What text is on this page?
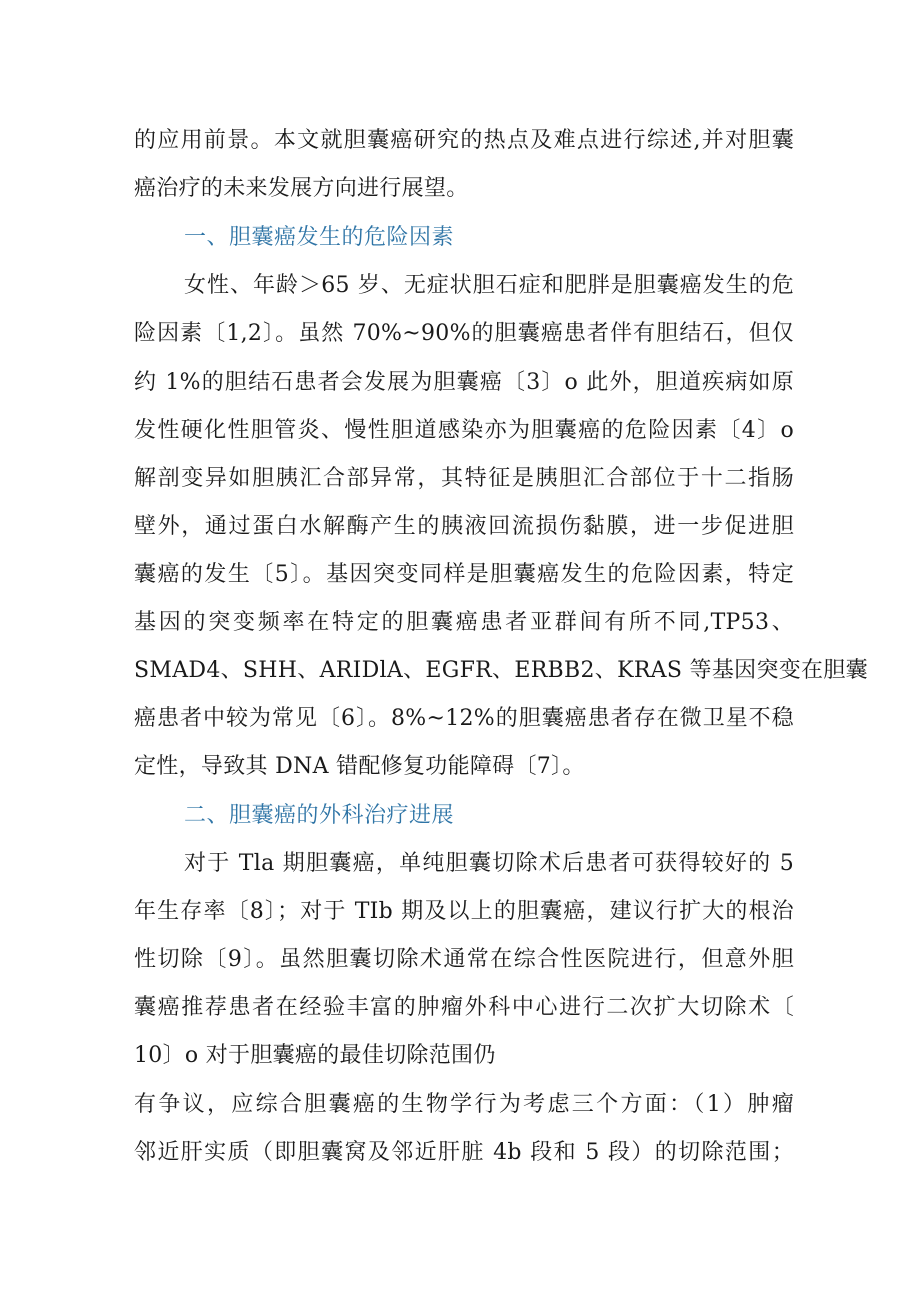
的应用前景。本文就胆囊癌研究的热点及难点进行综述,并对胆囊
癌治疗的未来发展方向进行展望。
一、胆囊癌发生的危险因素
女性、年龄＞65 岁、无症状胆石症和肥胖是胆囊癌发生的危
险因素〔1,2〕。虽然 70%~90%的胆囊癌患者伴有胆结石，但仅
约 1%的胆结石患者会发展为胆囊癌〔3〕o 此外，胆道疾病如原
发性硬化性胆管炎、慢性胆道感染亦为胆囊癌的危险因素〔4〕o
解剖变异如胆胰汇合部异常，其特征是胰胆汇合部位于十二指肠
壁外，通过蛋白水解酶产生的胰液回流损伤黏膜，进一步促进胆
囊癌的发生〔5〕。基因突变同样是胆囊癌发生的危险因素，特定
基因的突变频率在特定的胆囊癌患者亚群间有所不同,TP53、
SMAD4、SHH、ARIDlA、EGFR、ERBB2、KRAS 等基因突变在胆囊
癌患者中较为常见〔6〕。8%~12%的胆囊癌患者存在微卫星不稳
定性，导致其 DNA 错配修复功能障碍〔7〕。
二、胆囊癌的外科治疗进展
对于 Tla 期胆囊癌，单纯胆囊切除术后患者可获得较好的 5
年生存率〔8〕；对于 TIb 期及以上的胆囊癌，建议行扩大的根治
性切除〔9〕。虽然胆囊切除术通常在综合性医院进行，但意外胆
囊癌推荐患者在经验丰富的肿瘤外科中心进行二次扩大切除术〔
10〕o 对于胆囊癌的最佳切除范围仍
有争议，应综合胆囊癌的生物学行为考虑三个方面：（1）肿瘤
邻近肝实质（即胆囊窝及邻近肝脏 4b 段和 5 段）的切除范围；
